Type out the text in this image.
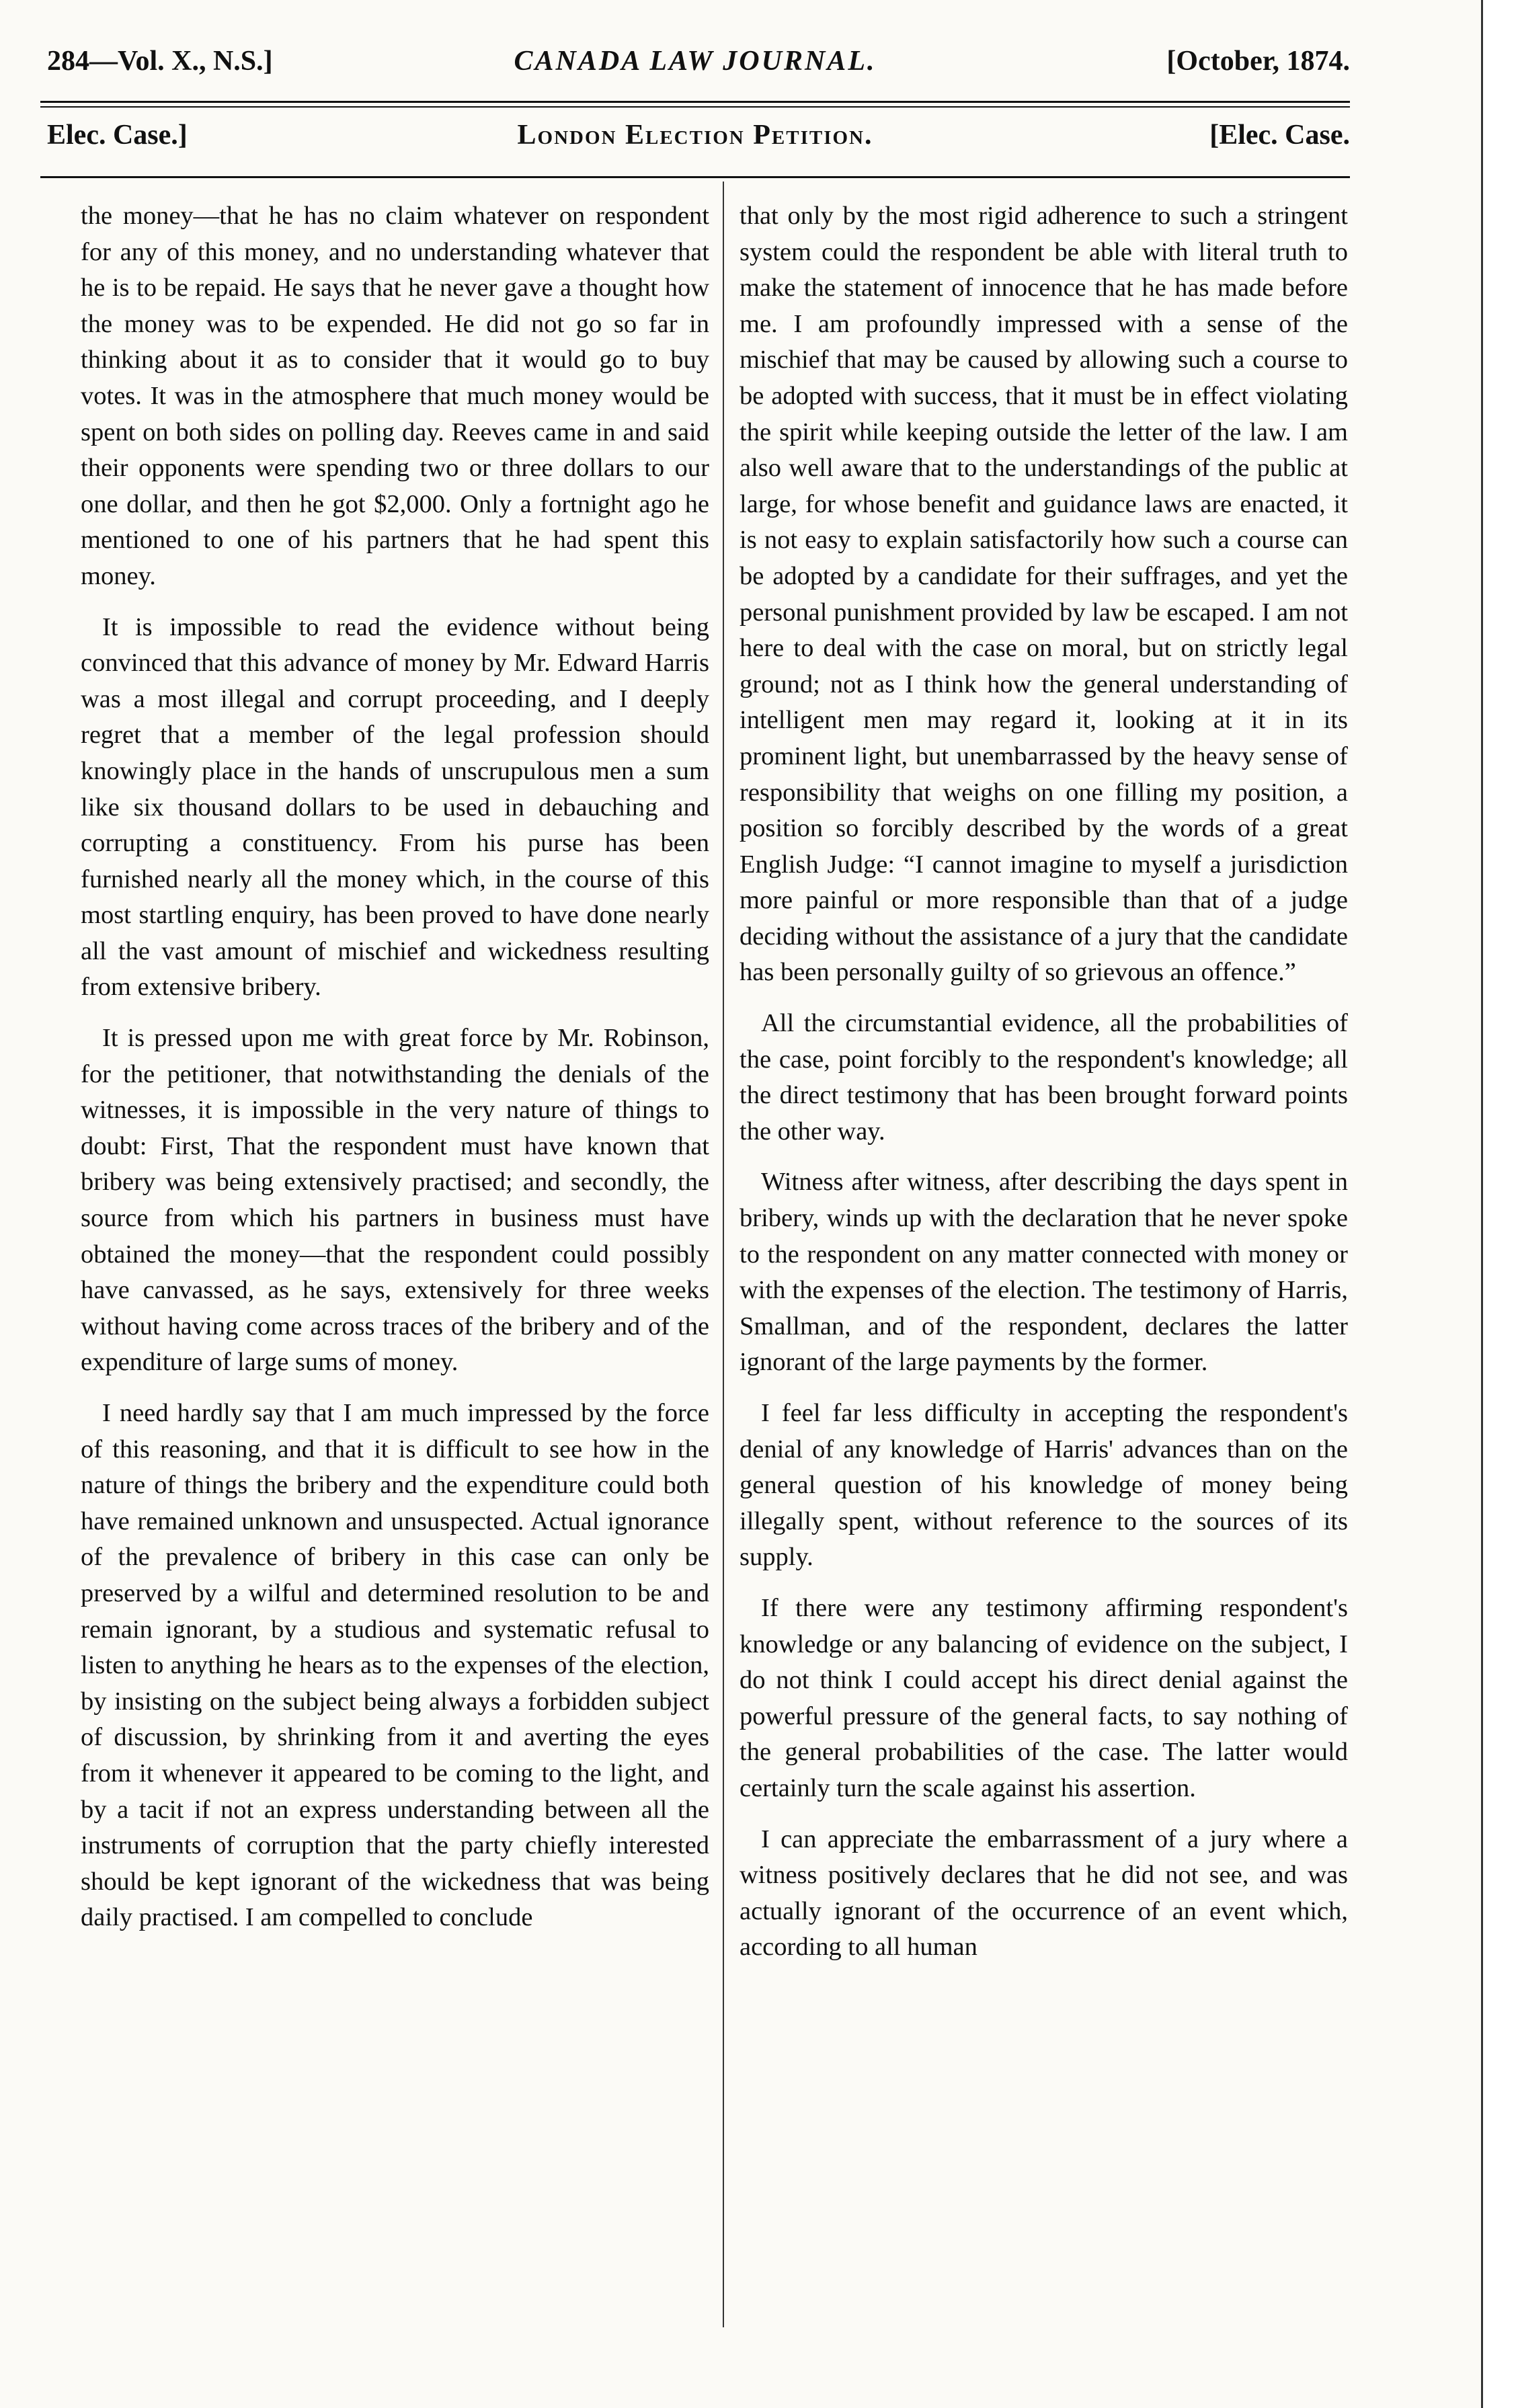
284—Vol. X., N.S.]	CANADA LAW JOURNAL.	[October, 1874.
Elec. Case.]	London Election Petition.	[Elec. Case.

the money—that he has no claim whatever on respondent for any of this money, and no understanding whatever that he is to be repaid. He says that he never gave a thought how the money was to be expended. He did not go so far in thinking about it as to consider that it would go to buy votes. It was in the atmosphere that much money would be spent on both sides on polling day. Reeves came in and said their opponents were spending two or three dollars to our one dollar, and then he got $2,000. Only a fortnight ago he mentioned to one of his partners that he had spent this money.

It is impossible to read the evidence without being convinced that this advance of money by Mr. Edward Harris was a most illegal and corrupt proceeding, and I deeply regret that a member of the legal profession should knowingly place in the hands of unscrupulous men a sum like six thousand dollars to be used in debauching and corrupting a constituency. From his purse has been furnished nearly all the money which, in the course of this most startling enquiry, has been proved to have done nearly all the vast amount of mischief and wickedness resulting from extensive bribery.

It is pressed upon me with great force by Mr. Robinson, for the petitioner, that notwithstanding the denials of the witnesses, it is impossible in the very nature of things to doubt: First, That the respondent must have known that bribery was being extensively practised; and secondly, the source from which his partners in business must have obtained the money—that the respondent could possibly have canvassed, as he says, extensively for three weeks without having come across traces of the bribery and of the expenditure of large sums of money.

I need hardly say that I am much impressed by the force of this reasoning, and that it is difficult to see how in the nature of things the bribery and the expenditure could both have remained unknown and unsuspected. Actual ignorance of the prevalence of bribery in this case can only be preserved by a wilful and determined resolution to be and remain ignorant, by a studious and systematic refusal to listen to anything he hears as to the expenses of the election, by insisting on the subject being always a forbidden subject of discussion, by shrinking from it and averting the eyes from it whenever it appeared to be coming to the light, and by a tacit if not an express understanding between all the instruments of corruption that the party chiefly interested should be kept ignorant of the wickedness that was being daily practised. I am compelled to conclude

that only by the most rigid adherence to such a stringent system could the respondent be able with literal truth to make the statement of innocence that he has made before me. I am profoundly impressed with a sense of the mischief that may be caused by allowing such a course to be adopted with success, that it must be in effect violating the spirit while keeping outside the letter of the law. I am also well aware that to the understandings of the public at large, for whose benefit and guidance laws are enacted, it is not easy to explain satisfactorily how such a course can be adopted by a candidate for their suffrages, and yet the personal punishment provided by law be escaped. I am not here to deal with the case on moral, but on strictly legal ground; not as I think how the general understanding of intelligent men may regard it, looking at it in its prominent light, but unembarrassed by the heavy sense of responsibility that weighs on one filling my position, a position so forcibly described by the words of a great English Judge: “I cannot imagine to myself a jurisdiction more painful or more responsible than that of a judge deciding without the assistance of a jury that the candidate has been personally guilty of so grievous an offence.”

All the circumstantial evidence, all the probabilities of the case, point forcibly to the respondent's knowledge; all the direct testimony that has been brought forward points the other way.

Witness after witness, after describing the days spent in bribery, winds up with the declaration that he never spoke to the respondent on any matter connected with money or with the expenses of the election. The testimony of Harris, Smallman, and of the respondent, declares the latter ignorant of the large payments by the former.

I feel far less difficulty in accepting the respondent's denial of any knowledge of Harris' advances than on the general question of his knowledge of money being illegally spent, without reference to the sources of its supply.

If there were any testimony affirming respondent's knowledge or any balancing of evidence on the subject, I do not think I could accept his direct denial against the powerful pressure of the general facts, to say nothing of the general probabilities of the case. The latter would certainly turn the scale against his assertion.

I can appreciate the embarrassment of a jury where a witness positively declares that he did not see, and was actually ignorant of the occurrence of an event which, according to all human
